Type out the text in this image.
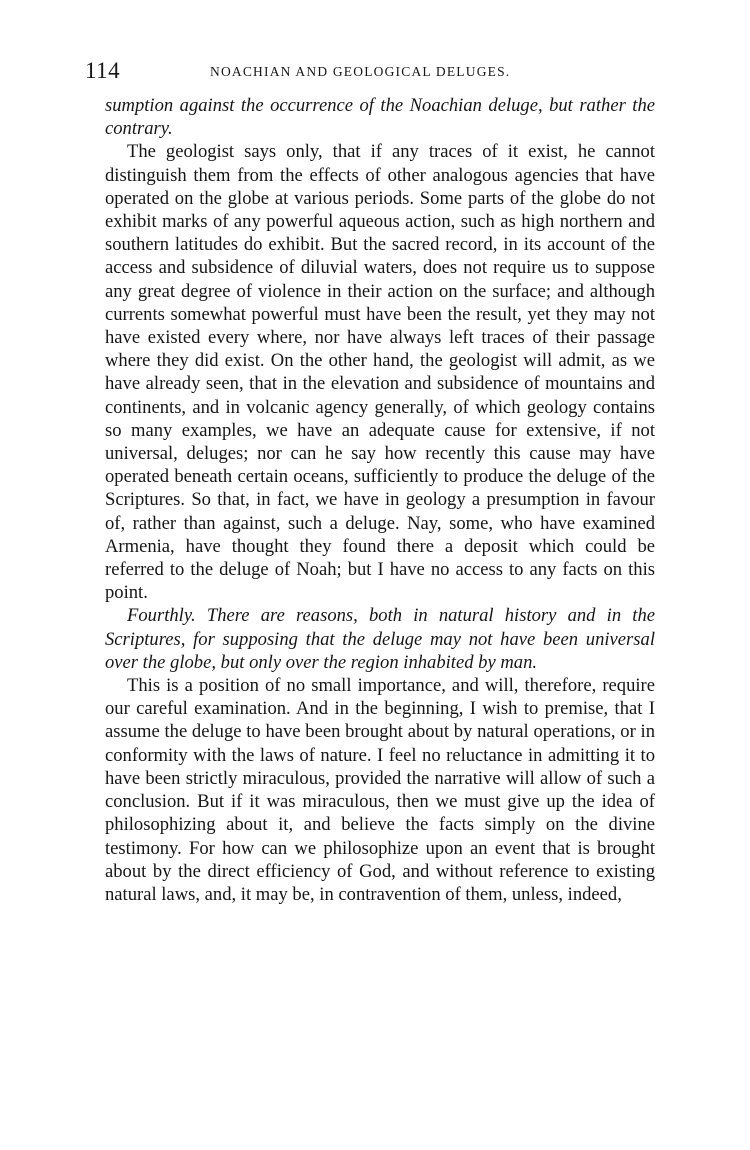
114	NOACHIAN AND GEOLOGICAL DELUGES.

sumption against the occurrence of the Noachian deluge, but rather the contrary.

The geologist says only, that if any traces of it exist, he cannot distinguish them from the effects of other analogous agencies that have operated on the globe at various periods. Some parts of the globe do not exhibit marks of any powerful aqueous action, such as high northern and southern latitudes do exhibit. But the sacred record, in its account of the access and subsidence of diluvial waters, does not require us to suppose any great degree of violence in their action on the surface; and although currents somewhat powerful must have been the result, yet they may not have existed every where, nor have always left traces of their passage where they did exist. On the other hand, the geologist will admit, as we have already seen, that in the elevation and subsidence of mountains and continents, and in volcanic agency generally, of which geology contains so many examples, we have an adequate cause for extensive, if not universal, deluges; nor can he say how recently this cause may have operated beneath certain oceans, sufficiently to produce the deluge of the Scriptures. So that, in fact, we have in geology a presumption in favour of, rather than against, such a deluge. Nay, some, who have examined Armenia, have thought they found there a deposit which could be referred to the deluge of Noah; but I have no access to any facts on this point.

Fourthly. There are reasons, both in natural history and in the Scriptures, for supposing that the deluge may not have been universal over the globe, but only over the region inhabited by man.

This is a position of no small importance, and will, therefore, require our careful examination. And in the beginning, I wish to premise, that I assume the deluge to have been brought about by natural operations, or in conformity with the laws of nature. I feel no reluctance in admitting it to have been strictly miraculous, provided the narrative will allow of such a conclusion. But if it was miraculous, then we must give up the idea of philosophizing about it, and believe the facts simply on the divine testimony. For how can we philosophize upon an event that is brought about by the direct efficiency of God, and without reference to existing natural laws, and, it may be, in contravention of them, unless, indeed,
